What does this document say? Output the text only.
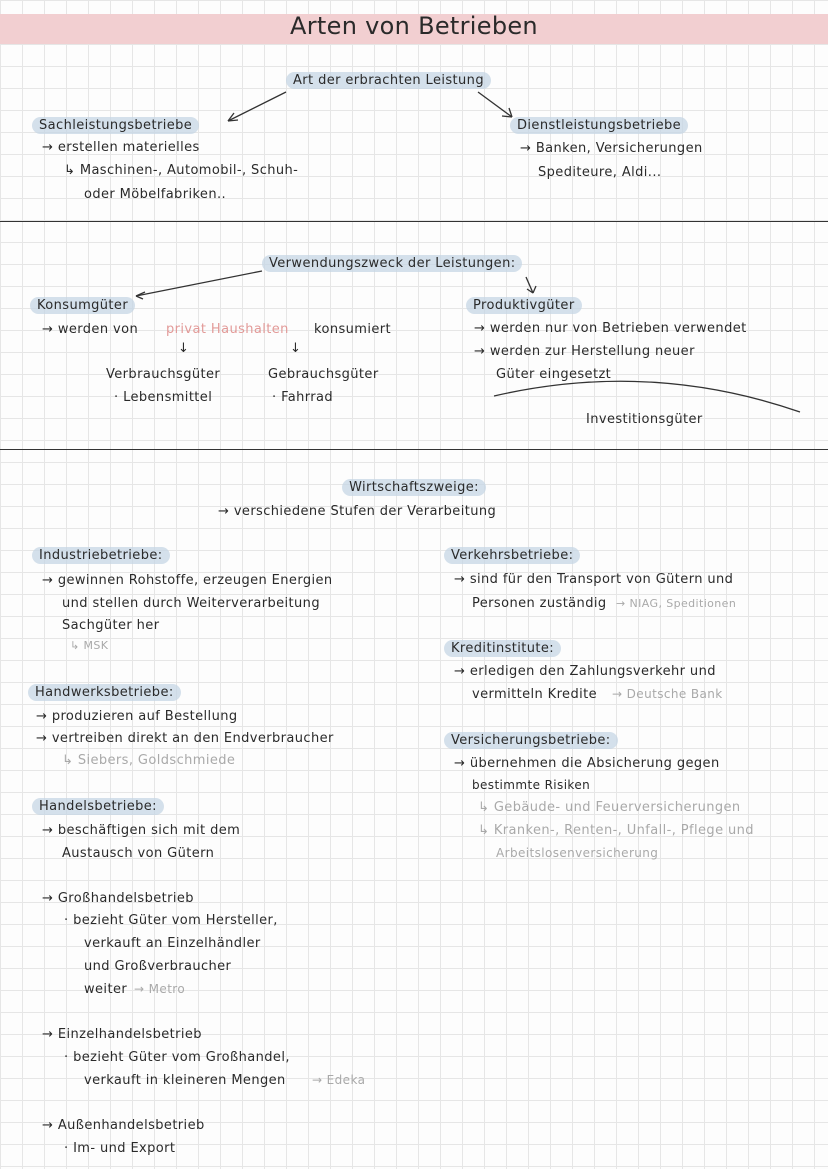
Arten von Betrieben
Art der erbrachten Leistung
Sachleistungsbetriebe
→ erstellen materielles
↳ Maschinen-, Automobil-, Schuh-
oder Möbelfabriken..
Dienstleistungsbetriebe
→ Banken, Versicherungen
Spediteure, Aldi...
Verwendungszweck der Leistungen:
Konsumgüter
→ werden von privat Haushalten konsumiert
↓	↓
Verbrauchsgüter
· Lebensmittel
Gebrauchsgüter
· Fahrrad
Produktivgüter
→ werden nur von Betrieben verwendet
→ werden zur Herstellung neuer
Güter eingesetzt
Investitionsgüter
Wirtschaftszweige:
→ verschiedene Stufen der Verarbeitung
Industriebetriebe:
→ gewinnen Rohstoffe, erzeugen Energien
und stellen durch Weiterverarbeitung
Sachgüter her
↳ MSK
Handwerksbetriebe:
→ produzieren auf Bestellung
→ vertreiben direkt an den Endverbraucher
↳ Siebers, Goldschmiede
Handelsbetriebe:
→ beschäftigen sich mit dem
Austausch von Gütern
→ Großhandelsbetrieb
· bezieht Güter vom Hersteller,
verkauft an Einzelhändler
und Großverbraucher
weiter → Metro
→ Einzelhandelsbetrieb
· bezieht Güter vom Großhandel,
verkauft in kleineren Mengen → Edeka
→ Außenhandelsbetrieb
· Im- und Export
Verkehrsbetriebe:
→ sind für den Transport von Gütern und
Personen zuständig → NIAG, Speditionen
Kreditinstitute:
→ erledigen den Zahlungsverkehr und
vermitteln Kredite → Deutsche Bank
Versicherungsbetriebe:
→ übernehmen die Absicherung gegen
bestimmte Risiken
↳ Gebäude- und Feuerversicherungen
↳ Kranken-, Renten-, Unfall-, Pflege und
Arbeitslosenversicherung
